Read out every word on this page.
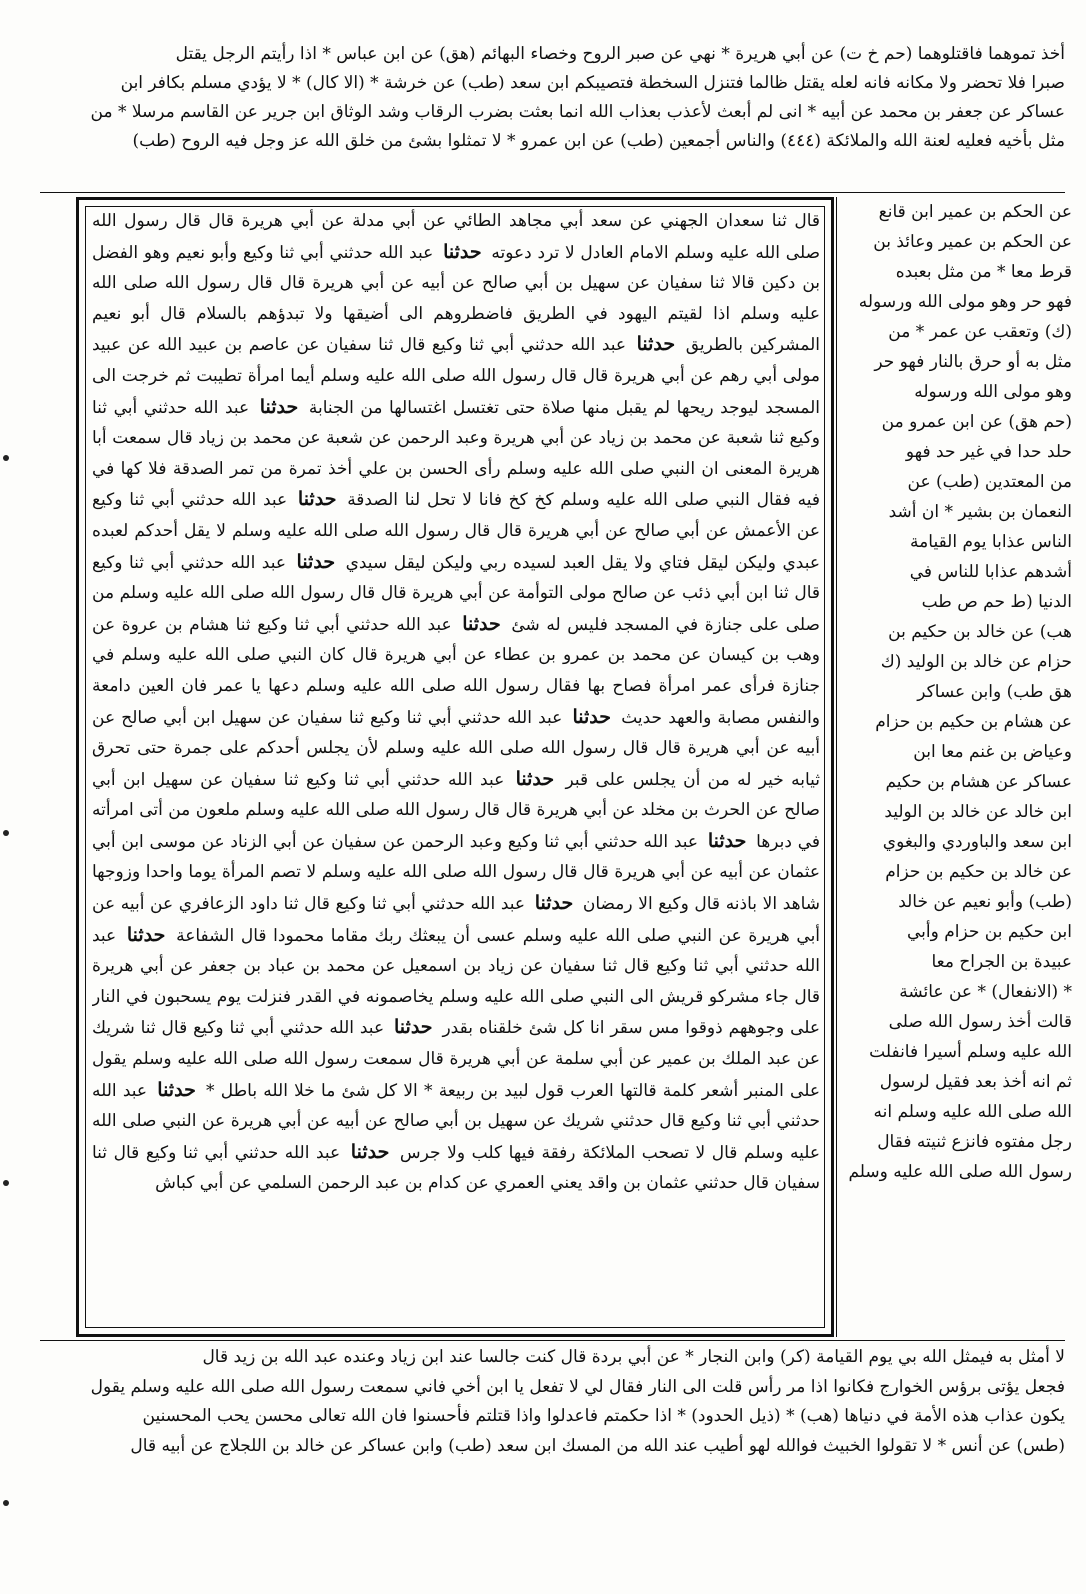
أخذ تموهما فاقتلوهما (حم خ ت) عن أبي هريرة * نهي عن صبر الروح وخصاء البهائم (هق) عن ابن عباس * اذا رأيتم الرجل يقتل

صبرا فلا تحضر ولا مكانه فانه لعله يقتل ظالما فتنزل السخطة فتصيبكم ابن سعد (طب) عن خرشة * (الا كال) * لا يؤدي مسلم بكافر ابن

عساكر عن جعفر بن محمد عن أبيه * انى لم أبعث لأعذب بعذاب الله انما بعثت بضرب الرقاب وشد الوثاق ابن جرير عن القاسم مرسلا * من

مثل بأخيه فعليه لعنة الله والملائكة (٤٤٤) والناس أجمعين (طب) عن ابن عمرو * لا تمثلوا بشئ من خلق الله عز وجل فيه الروح (طب)

قال ثنا سعدان الجهني عن سعد أبي مجاهد الطائي عن أبي مدلة عن أبي هريرة قال قال رسول الله صلى الله عليه وسلم الامام العادل لا ترد دعوته حدثنا عبد الله حدثني أبي ثنا وكيع وأبو نعيم وهو الفضل بن دكين قالا ثنا سفيان عن سهيل بن أبي صالح عن أبيه عن أبي هريرة قال قال رسول الله صلى الله عليه وسلم اذا لقيتم اليهود في الطريق فاضطروهم الى أضيقها ولا تبدؤهم بالسلام قال أبو نعيم المشركين بالطريق حدثنا عبد الله حدثني أبي ثنا وكيع قال ثنا سفيان عن عاصم بن عبيد الله عن عبيد مولى أبي رهم عن أبي هريرة قال قال رسول الله صلى الله عليه وسلم أيما امرأة تطيبت ثم خرجت الى المسجد ليوجد ريحها لم يقبل منها صلاة حتى تغتسل اغتسالها من الجنابة حدثنا عبد الله حدثني أبي ثنا وكيع ثنا شعبة عن محمد بن زياد عن أبي هريرة وعبد الرحمن عن شعبة عن محمد بن زياد قال سمعت أبا هريرة المعنى ان النبي صلى الله عليه وسلم رأى الحسن بن علي أخذ تمرة من تمر الصدقة فلا كها في فيه فقال النبي صلى الله عليه وسلم كخ كخ فانا لا تحل لنا الصدقة حدثنا عبد الله حدثني أبي ثنا وكيع عن الأعمش عن أبي صالح عن أبي هريرة قال قال رسول الله صلى الله عليه وسلم لا يقل أحدكم لعبده عبدي وليكن ليقل فتاي ولا يقل العبد لسيده ربي وليكن ليقل سيدي حدثنا عبد الله حدثني أبي ثنا وكيع قال ثنا ابن أبي ذئب عن صالح مولى التوأمة عن أبي هريرة قال قال رسول الله صلى الله عليه وسلم من صلى على جنازة في المسجد فليس له شئ حدثنا عبد الله حدثني أبي ثنا وكيع ثنا هشام بن عروة عن وهب بن كيسان عن محمد بن عمرو بن عطاء عن أبي هريرة قال كان النبي صلى الله عليه وسلم في جنازة فرأى عمر امرأة فصاح بها فقال رسول الله صلى الله عليه وسلم دعها يا عمر فان العين دامعة والنفس مصابة والعهد حديث حدثنا عبد الله حدثني أبي ثنا وكيع ثنا سفيان عن سهيل ابن أبي صالح عن أبيه عن أبي هريرة قال قال رسول الله صلى الله عليه وسلم لأن يجلس أحدكم على جمرة حتى تحرق ثيابه خير له من أن يجلس على قبر حدثنا عبد الله حدثني أبي ثنا وكيع ثنا سفيان عن سهيل ابن أبي صالح عن الحرث بن مخلد عن أبي هريرة قال قال رسول الله صلى الله عليه وسلم ملعون من أتى امرأته في دبرها حدثنا عبد الله حدثني أبي ثنا وكيع وعبد الرحمن عن سفيان عن أبي الزناد عن موسى ابن أبي عثمان عن أبيه عن أبي هريرة قال قال رسول الله صلى الله عليه وسلم لا تصم المرأة يوما واحدا وزوجها شاهد الا باذنه قال وكيع الا رمضان حدثنا عبد الله حدثني أبي ثنا وكيع قال ثنا داود الزعافري عن أبيه عن أبي هريرة عن النبي صلى الله عليه وسلم عسى أن يبعثك ربك مقاما محمودا قال الشفاعة حدثنا عبد الله حدثني أبي ثنا وكيع قال ثنا سفيان عن زياد بن اسمعيل عن محمد بن عباد بن جعفر عن أبي هريرة قال جاء مشركو قريش الى النبي صلى الله عليه وسلم يخاصمونه في القدر فنزلت يوم يسحبون في النار على وجوههم ذوقوا مس سقر انا كل شئ خلقناه بقدر حدثنا عبد الله حدثني أبي ثنا وكيع قال ثنا شريك عن عبد الملك بن عمير عن أبي سلمة عن أبي هريرة قال سمعت رسول الله صلى الله عليه وسلم يقول على المنبر أشعر كلمة قالتها العرب قول لبيد بن ربيعة * الا كل شئ ما خلا الله باطل * حدثنا عبد الله حدثني أبي ثنا وكيع قال حدثني شريك عن سهيل بن أبي صالح عن أبيه عن أبي هريرة عن النبي صلى الله عليه وسلم قال لا تصحب الملائكة رفقة فيها كلب ولا جرس حدثنا عبد الله حدثني أبي ثنا وكيع قال ثنا سفيان قال حدثني عثمان بن واقد يعني العمري عن كدام بن عبد الرحمن السلمي عن أبي كباش

عن الحكم بن عمير ابن قانع

عن الحكم بن عمير وعائذ بن

قرط معا * من مثل بعبده

فهو حر وهو مولى الله ورسوله

(ك) وتعقب عن عمر * من

مثل به أو حرق بالنار فهو حر

وهو مولى الله ورسوله

(حم هق) عن ابن عمرو من

حلد حدا في غير حد فهو

من المعتدين (طب) عن

النعمان بن بشير * ان أشد

الناس عذابا يوم القيامة

أشدهم عذابا للناس في

الدنيا (ط حم ص طب

هب) عن خالد بن حكيم بن

حزام عن خالد بن الوليد (ك

هق طب) وابن عساكر

عن هشام بن حكيم بن حزام

وعياض بن غنم معا ابن

عساكر عن هشام بن حكيم

ابن خالد عن خالد بن الوليد

ابن سعد والباوردي والبغوي

عن خالد بن حكيم بن حزام

(طب) وأبو نعيم عن خالد

ابن حكيم بن حزام وأبي

عبيدة بن الجراح معا

* (الانفعال) * عن عائشة

قالت أخذ رسول الله صلى

الله عليه وسلم أسيرا فانفلت

ثم انه أخذ بعد فقيل لرسول

الله صلى الله عليه وسلم انه

رجل مفتوه فانزع ثنيته فقال

رسول الله صلى الله عليه وسلم

لا أمثل به فيمثل الله بي يوم القيامة (كر) وابن النجار * عن أبي بردة قال كنت جالسا عند ابن زياد وعنده عبد الله بن زيد قال

فجعل يؤتى برؤس الخوارج فكانوا اذا مر رأس قلت الى النار فقال لي لا تفعل يا ابن أخي فاني سمعت رسول الله صلى الله عليه وسلم يقول

يكون عذاب هذه الأمة في دنياها (هب) * (ذيل الحدود) * اذا حكمتم فاعدلوا واذا قتلتم فأحسنوا فان الله تعالى محسن يحب المحسنين

(طس) عن أنس * لا تقولوا الخبيث فوالله لهو أطيب عند الله من المسك ابن سعد (طب) وابن عساكر عن خالد بن اللجلاج عن أبيه قال
